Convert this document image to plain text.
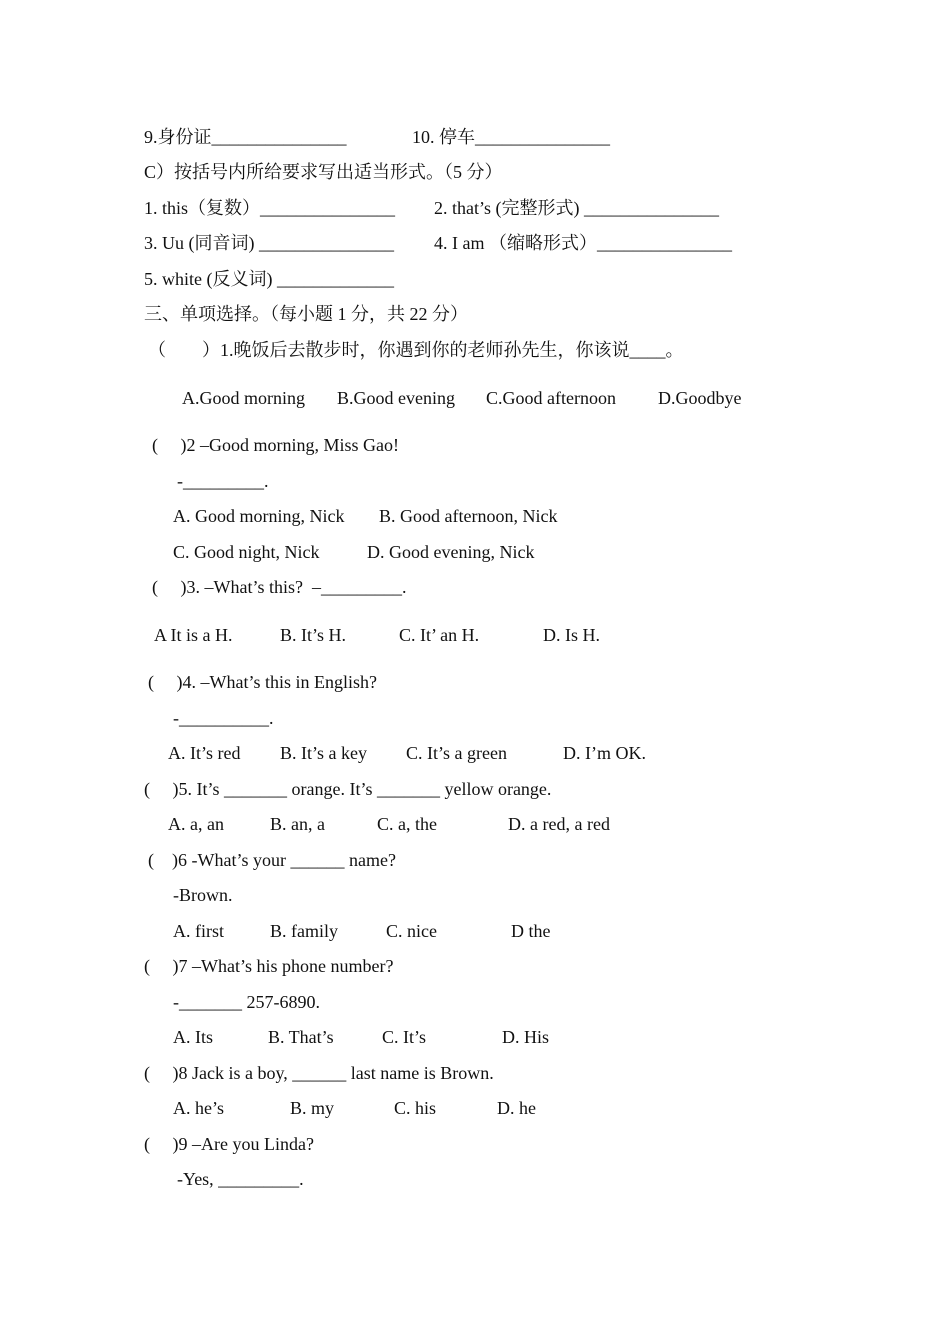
9.身份证_______________	10. 停车_______________
C）按括号内所给要求写出适当形式。（5 分）
1. this（复数）_______________ 2. that’s (完整形式) _______________
3. Uu (同音词) _______________ 4. I am （缩略形式）_______________
5. white (反义词) _____________
三、单项选择。（每小题 1 分，共 22 分）
（        ）1.晚饭后去散步时，你遇到你的老师孙先生，你该说____。
A.Good morning B.Good evening C.Good afternoon D.Goodbye
(     )2 –Good morning, Miss Gao!
-_________.
A. Good morning, Nick B. Good afternoon, Nick
C. Good night, Nick	D. Good evening, Nick
(     )3. –What’s this?  –_________.
A It is a H.	B. It’s H.	C. It’ an H.	D. Is H.
(     )4. –What’s this in English?
-__________.
A. It’s red B. It’s a key C. It’s a green	D. I’m OK.
(     )5. It’s _______ orange. It’s _______ yellow orange.
A. a, an	B. an, a	C. a, the	D. a red, a red
(    )6 -What’s your ______ name?
-Brown.
A. first	B. family	C. nice	D the
(     )7 –What’s his phone number?
-_______ 257-6890.
A. Its	B. That’s	C. It’s	D. His
(     )8 Jack is a boy, ______ last name is Brown.
A. he’s	B. my	C. his	D. he
(     )9 –Are you Linda?
-Yes, _________.
